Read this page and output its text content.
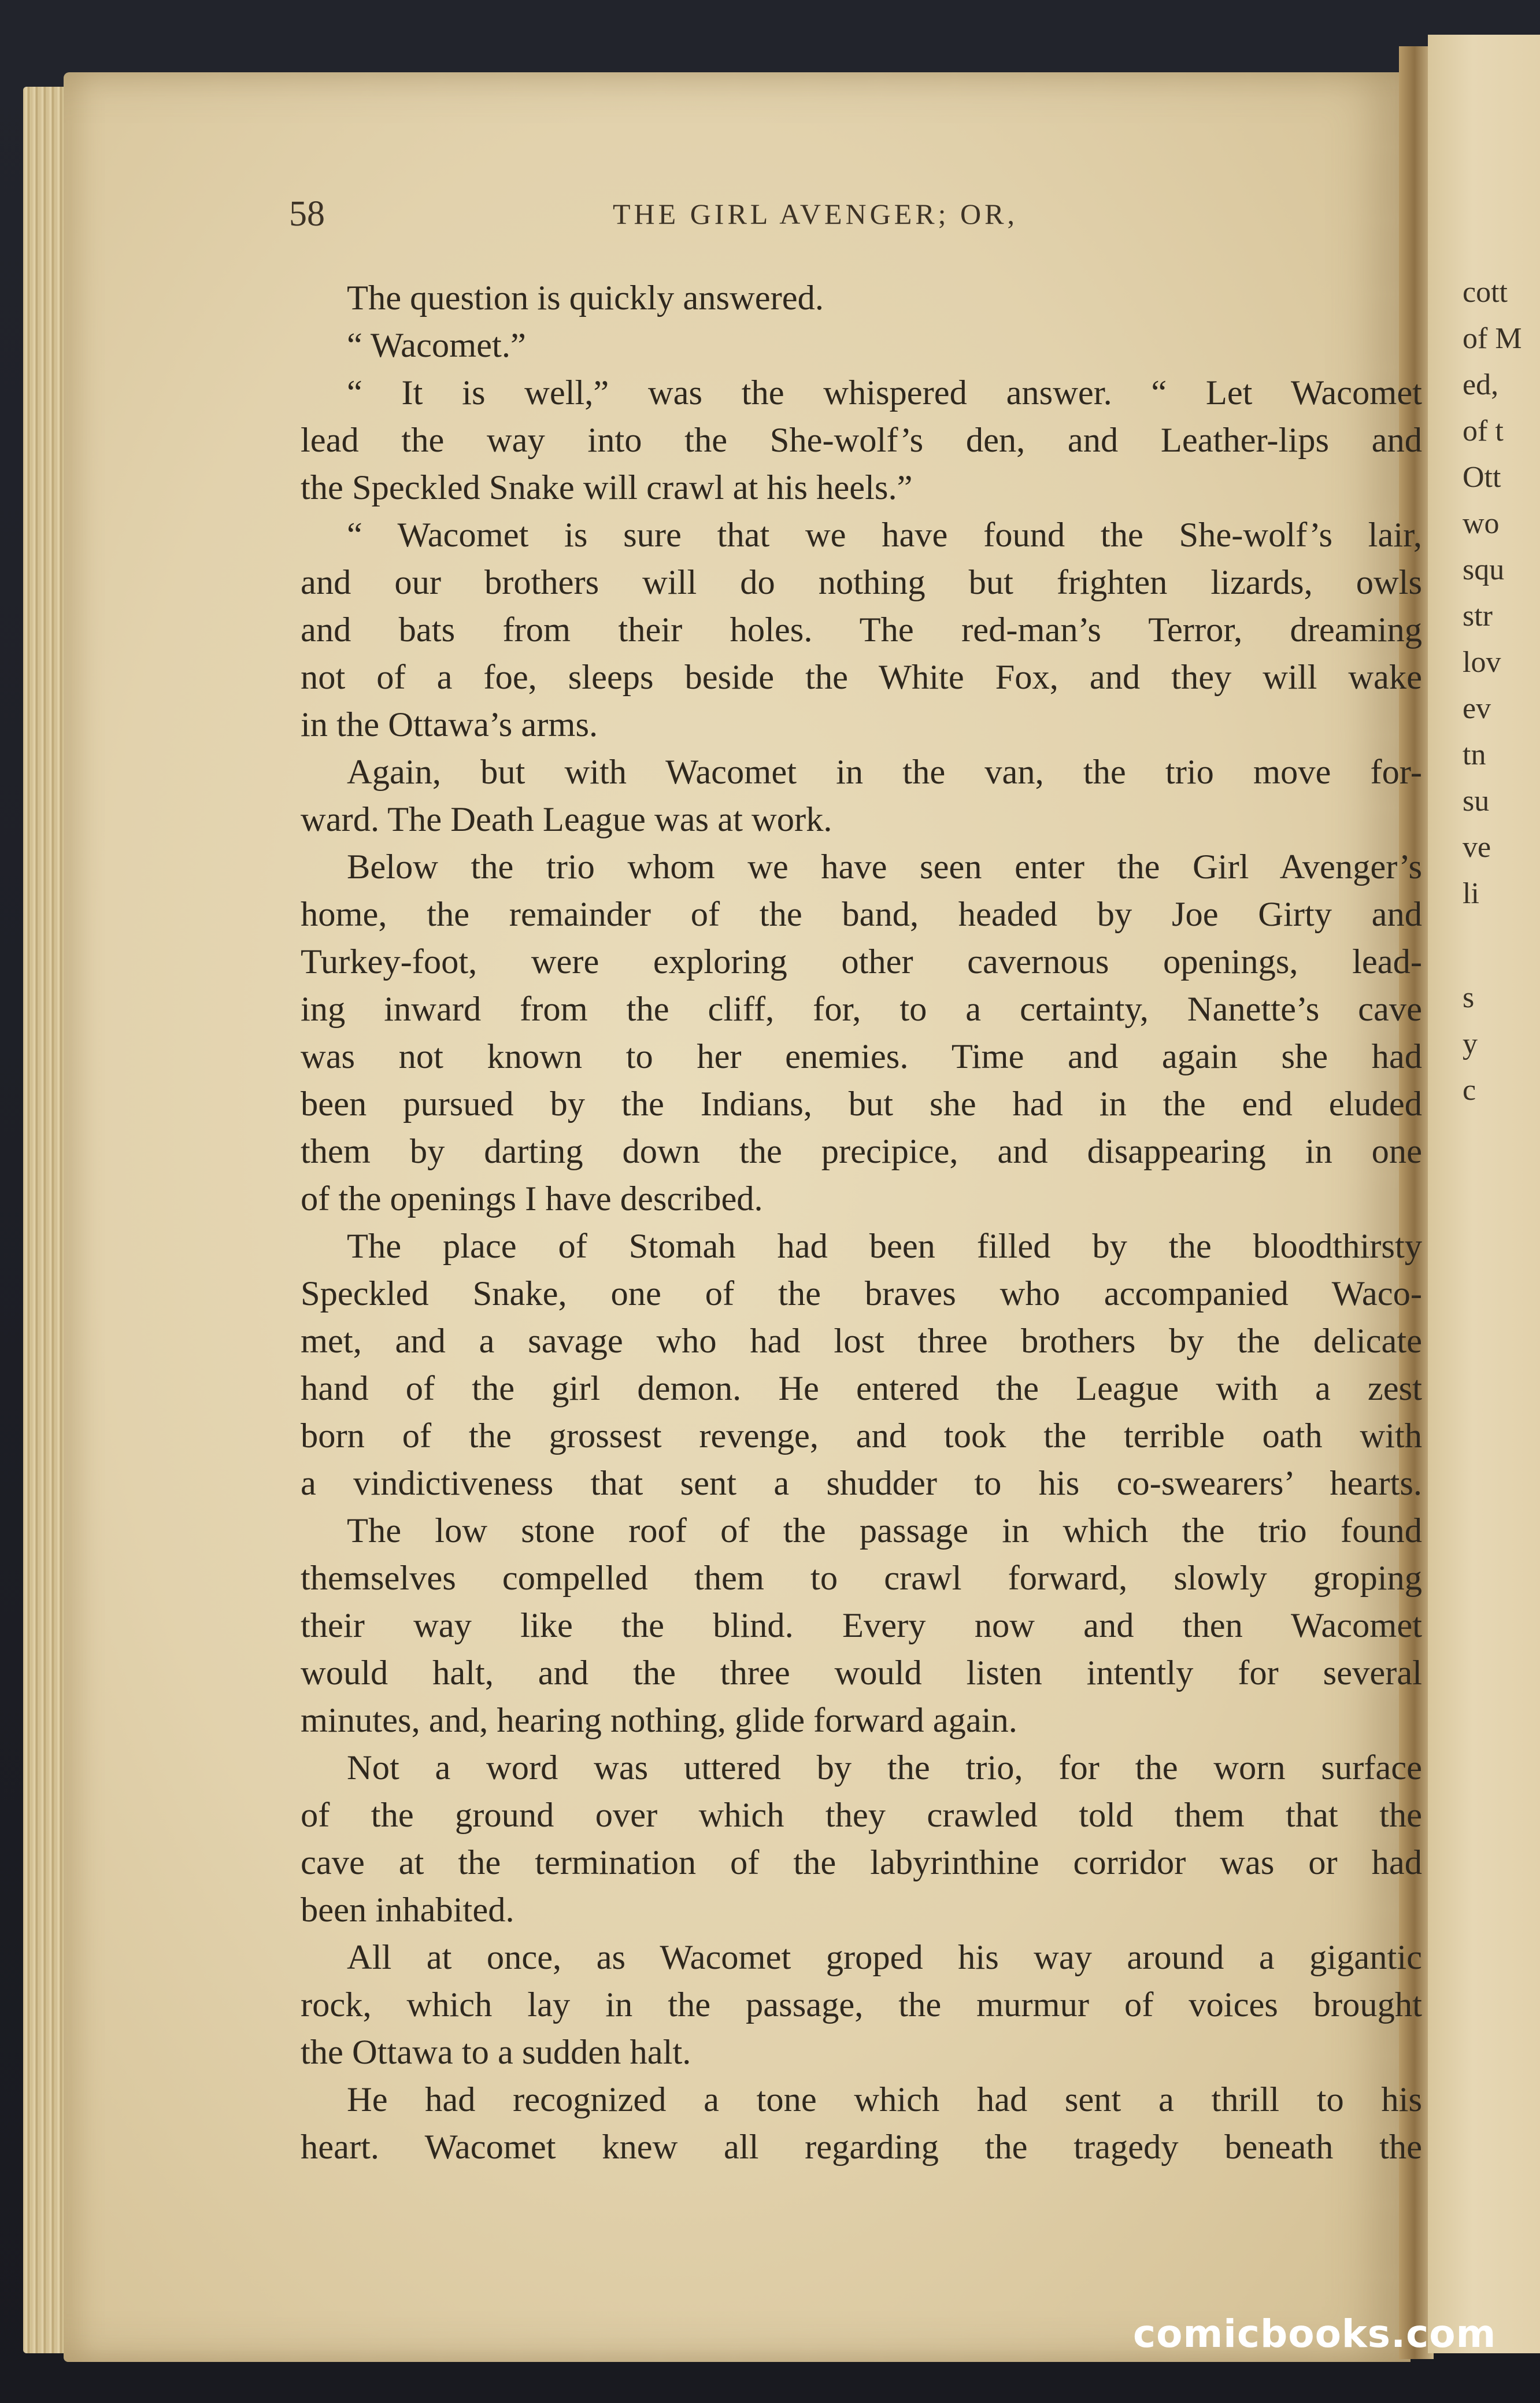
cott
of M
ed,
of t
Ott
wo
squ
str
lov
ev
tn
su
ve
li
s
y
c
58	THE GIRL AVENGER; OR,
The question is quickly answered.
“ Wacomet.”
“ It is well,” was the whispered answer. “ Let Wacomet
lead the way into the She-wolf’s den, and Leather-lips and
the Speckled Snake will crawl at his heels.”
“ Wacomet is sure that we have found the She-wolf’s lair,
and our brothers will do nothing but frighten lizards, owls
and bats from their holes. The red-man’s Terror, dreaming
not of a foe, sleeps beside the White Fox, and they will wake
in the Ottawa’s arms.
Again, but with Wacomet in the van, the trio move for-
ward. The Death League was at work.
Below the trio whom we have seen enter the Girl Avenger’s
home, the remainder of the band, headed by Joe Girty and
Turkey-foot, were exploring other cavernous openings, lead-
ing inward from the cliff, for, to a certainty, Nanette’s cave
was not known to her enemies. Time and again she had
been pursued by the Indians, but she had in the end eluded
them by darting down the precipice, and disappearing in one
of the openings I have described.
The place of Stomah had been filled by the bloodthirsty
Speckled Snake, one of the braves who accompanied Waco-
met, and a savage who had lost three brothers by the delicate
hand of the girl demon. He entered the League with a zest
born of the grossest revenge, and took the terrible oath with
a vindictiveness that sent a shudder to his co-swearers’ hearts.
The low stone roof of the passage in which the trio found
themselves compelled them to crawl forward, slowly groping
their way like the blind. Every now and then Wacomet
would halt, and the three would listen intently for several
minutes, and, hearing nothing, glide forward again.
Not a word was uttered by the trio, for the worn surface
of the ground over which they crawled told them that the
cave at the termination of the labyrinthine corridor was or had
been inhabited.
All at once, as Wacomet groped his way around a gigantic
rock, which lay in the passage, the murmur of voices brought
the Ottawa to a sudden halt.
He had recognized a tone which had sent a thrill to his
heart. Wacomet knew all regarding the tragedy beneath the
comicbooks.com
